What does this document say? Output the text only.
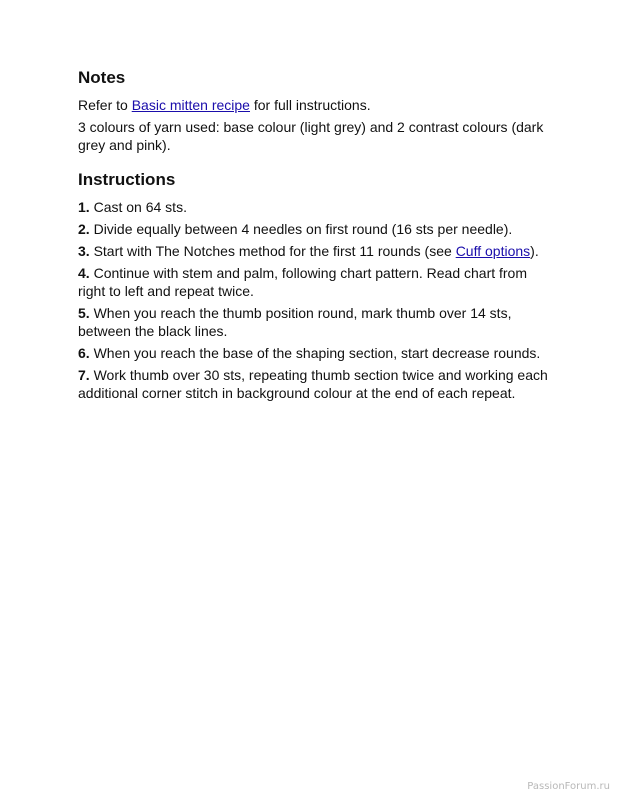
Notes

Refer to Basic mitten recipe for full instructions.

3 colours of yarn used: base colour (light grey) and 2 contrast colours (dark grey and pink).

Instructions

1. Cast on 64 sts.

2. Divide equally between 4 needles on first round (16 sts per needle).

3. Start with The Notches method for the first 11 rounds (see Cuff options).

4. Continue with stem and palm, following chart pattern. Read chart from right to left and repeat twice.

5. When you reach the thumb position round, mark thumb over 14 sts, between the black lines.

6. When you reach the base of the shaping section, start decrease rounds.

7. Work thumb over 30 sts, repeating thumb section twice and working each additional corner stitch in background colour at the end of each repeat.

PassionForum.ru
